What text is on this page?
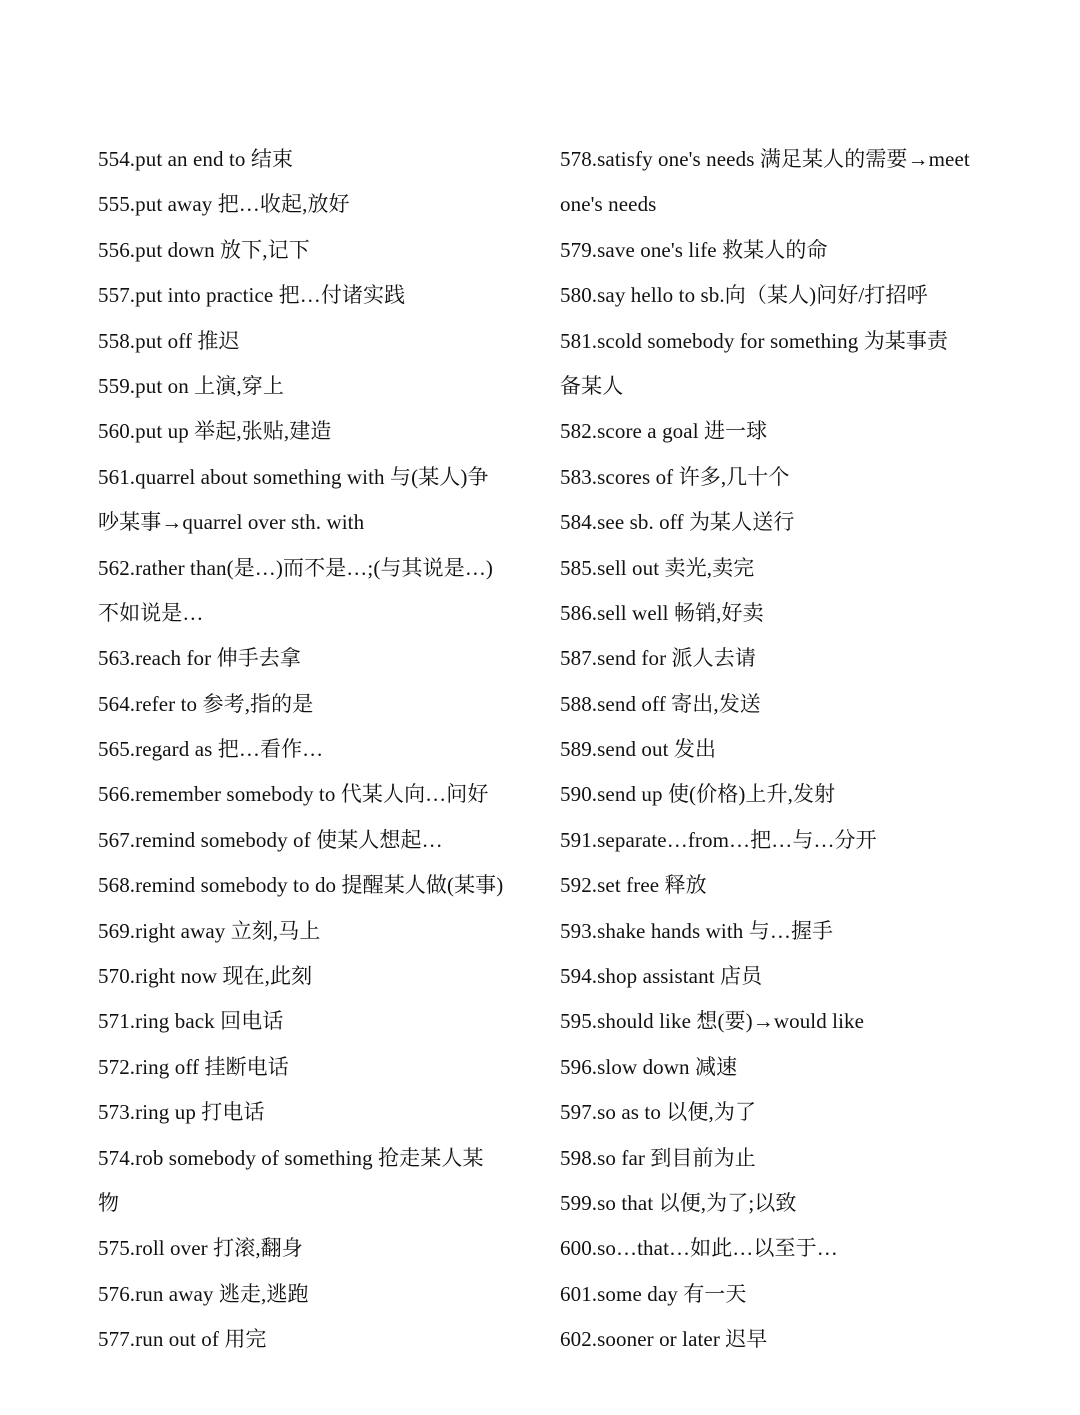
554.put an end to 结束
555.put away 把…收起,放好
556.put down 放下,记下
557.put into practice 把…付诸实践
558.put off 推迟
559.put on 上演,穿上
560.put up 举起,张贴,建造
561.quarrel about something with 与(某人)争
吵某事→quarrel over sth. with
562.rather than(是…)而不是…;(与其说是…)
不如说是…
563.reach for 伸手去拿
564.refer to 参考,指的是
565.regard as 把…看作…
566.remember somebody to 代某人向…问好
567.remind somebody of 使某人想起…
568.remind somebody to do 提醒某人做(某事)
569.right away 立刻,马上
570.right now 现在,此刻
571.ring back 回电话
572.ring off 挂断电话
573.ring up 打电话
574.rob somebody of something 抢走某人某
物
575.roll over 打滚,翻身
576.run away 逃走,逃跑
577.run out of 用完
578.satisfy one's needs 满足某人的需要→meet
one's needs
579.save one's life 救某人的命
580.say hello to sb.向（某人)问好/打招呼
581.scold somebody for something 为某事责
备某人
582.score a goal 进一球
583.scores of 许多,几十个
584.see sb. off 为某人送行
585.sell out 卖光,卖完
586.sell well 畅销,好卖
587.send for 派人去请
588.send off 寄出,发送
589.send out 发出
590.send up 使(价格)上升,发射
591.separate…from…把…与…分开
592.set free 释放
593.shake hands with 与…握手
594.shop assistant 店员
595.should like 想(要)→would like
596.slow down 减速
597.so as to 以便,为了
598.so far 到目前为止
599.so that 以便,为了;以致
600.so…that…如此…以至于…
601.some day 有一天
602.sooner or later 迟早
